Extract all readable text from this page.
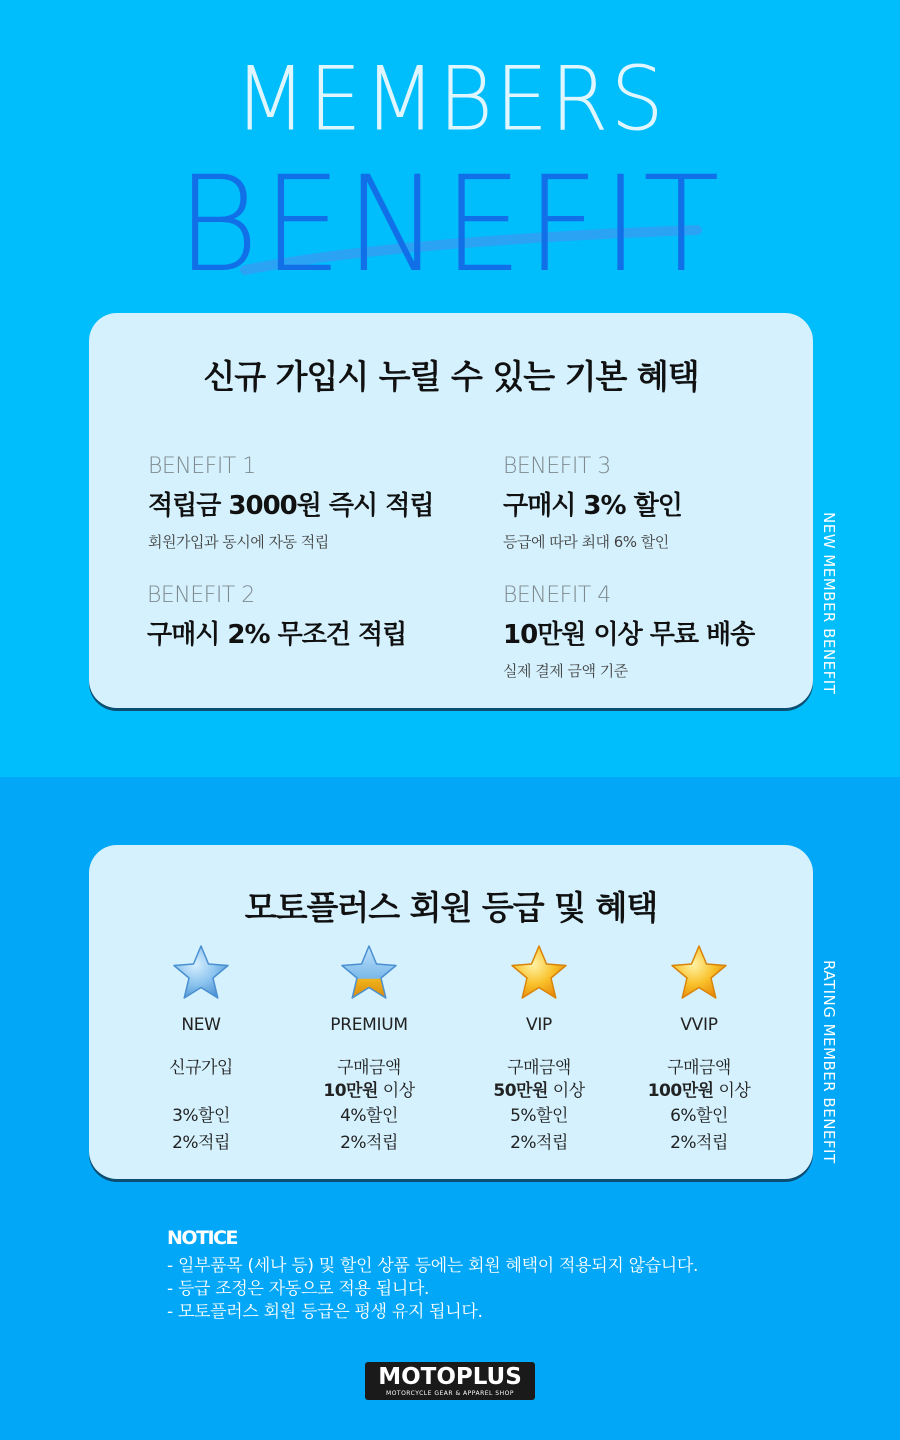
MEMBERS
BENEFIT
신규 가입시 누릴 수 있는 기본 혜택
BENEFIT 1
적립금 3000원 즉시 적립
회원가입과 동시에 자동 적립
BENEFIT 2
구매시 2% 무조건 적립
BENEFIT 3
구매시 3% 할인
등급에 따라 최대 6% 할인
BENEFIT 4
10만원 이상 무료 배송
실제 결제 금액 기준	NEW MEMBER BENEFIT
RATING MEMBER BENEFIT
모토플러스 회원 등급 및 혜택
NEW
신규가입
3%할인
2%적립
PREMIUM
구매금액
10만원 이상
4%할인
2%적립
VIP
구매금액
50만원 이상
5%할인
2%적립
VVIP
구매금액
100만원 이상
6%할인
2%적립
NOTICE
- 일부품목 (세나 등) 및 할인 상품 등에는 회원 혜택이 적용되지 않습니다.
- 등급 조정은 자동으로 적용 됩니다.
- 모토플러스 회원 등급은 평생 유지 됩니다.
MOTOPLUS
MOTORCYCLE GEAR & APPAREL SHOP
